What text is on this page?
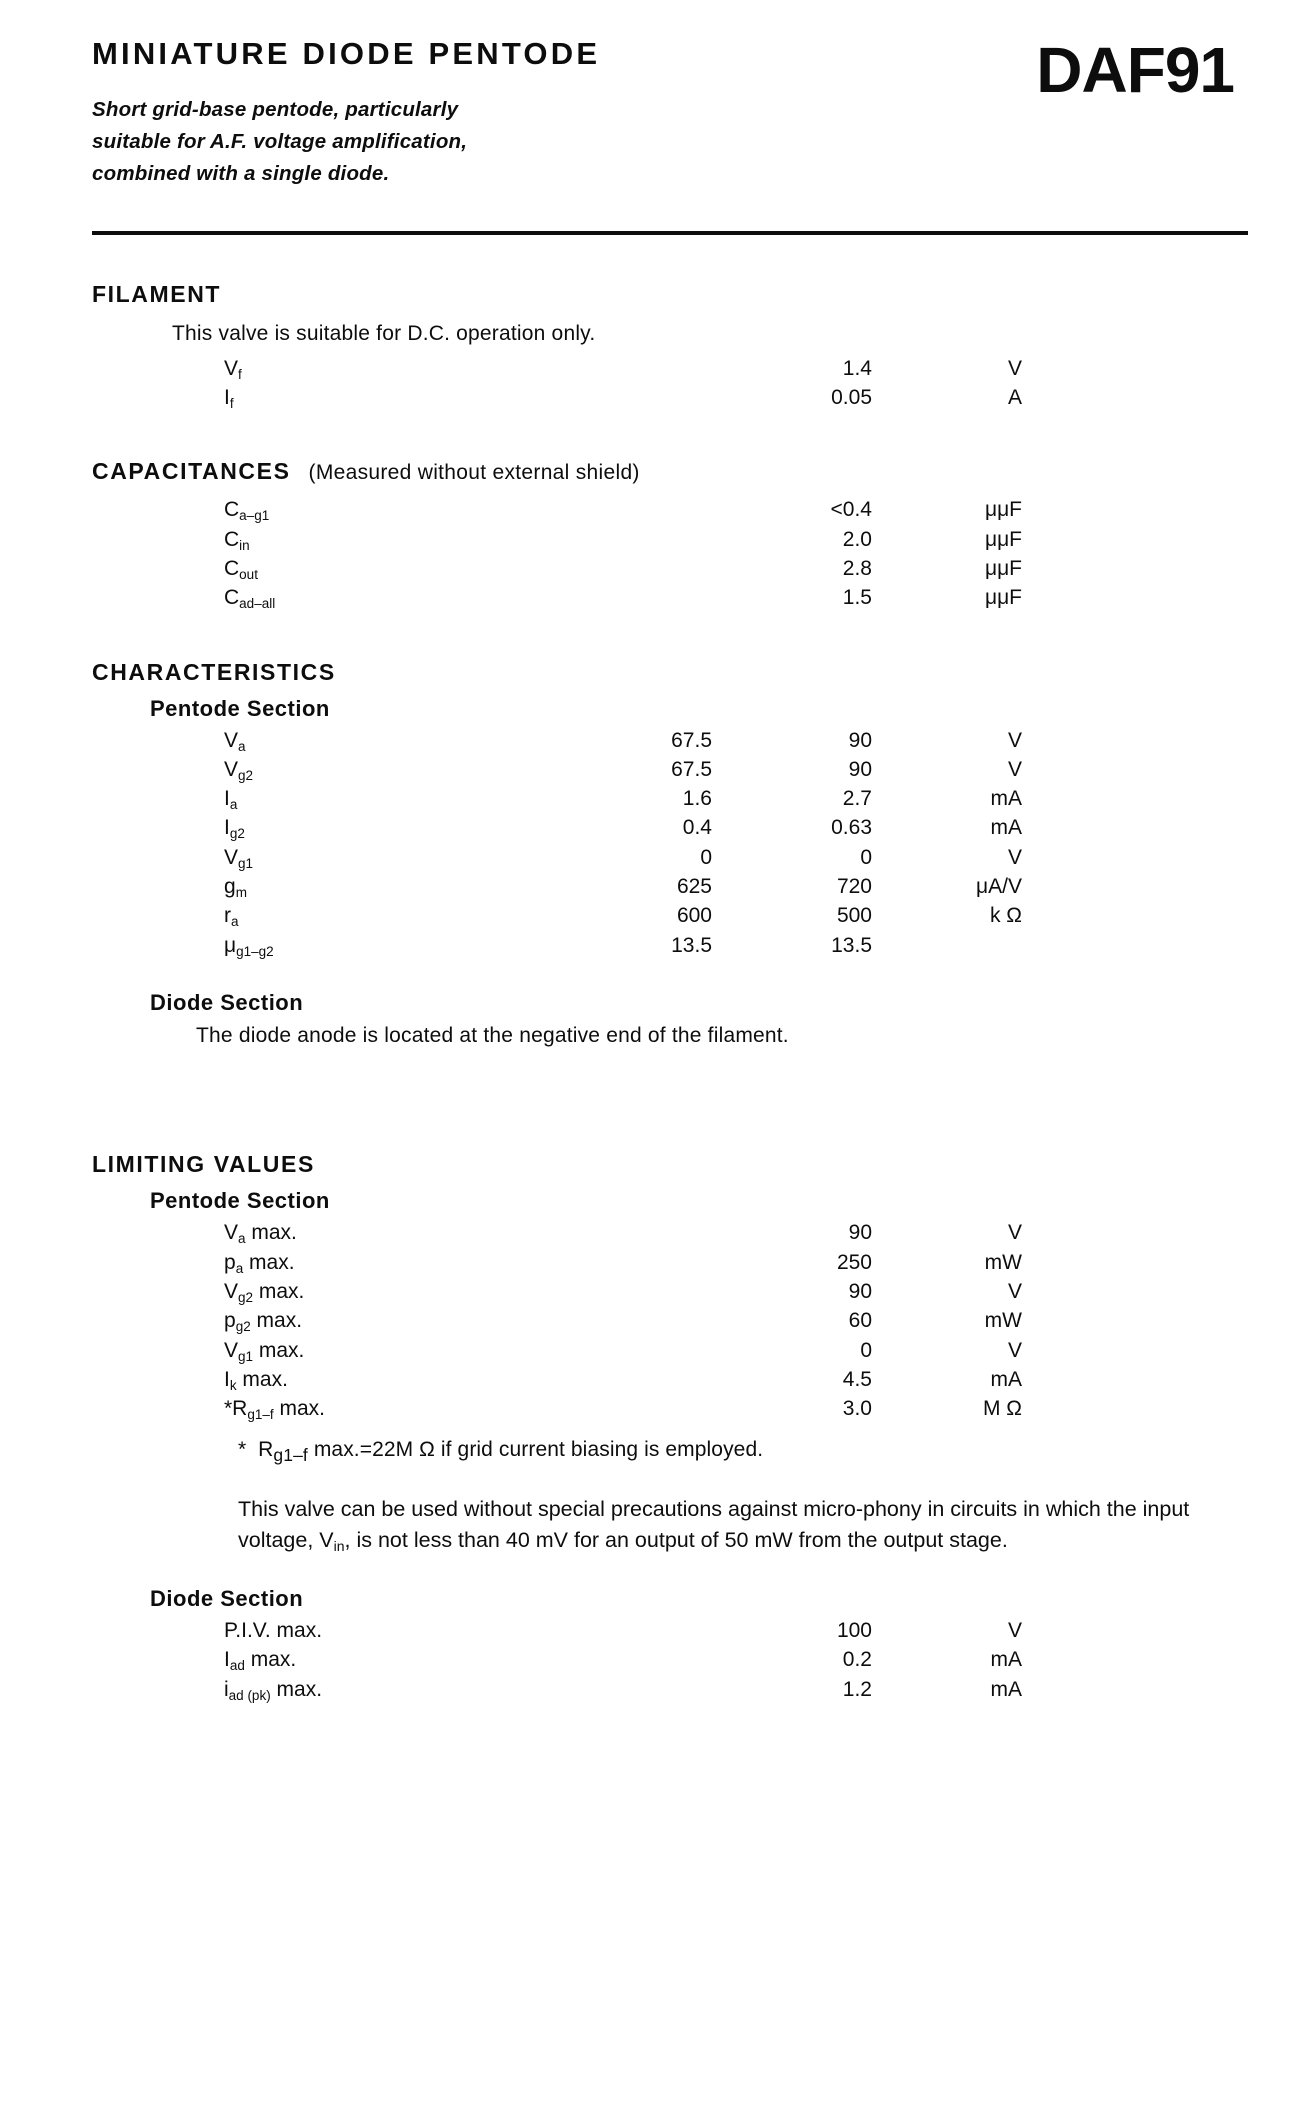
MINIATURE DIODE PENTODE
Short grid-base pentode, particularly
suitable for A.F. voltage amplification,
combined with a single diode.
DAF91
FILAMENT

This valve is suitable for D.C. operation only.

$V_f$	1.4	V
$I_f$	0.05	A
CAPACITANCES (Measured without external shield)
$C_{a-g1}$	<0.4	μμF
$C_{in}$	2.0	μμF
$C_{out}$	2.8	μμF
$C_{ad-all}$	1.5	μμF
CHARACTERISTICS
Pentode Section
$V_a$	67.5	90	V
$V_{g2}$	67.5	90	V
$I_a$	1.6	2.7	mA
$I_{g2}$	0.4	0.63	mA
$V_{g1}$	0	0	V
$g_m$	625	720	μA/V
$r_a$	600	500	k Ω
$\mu_{g1-g2}$	13.5	13.5
Diode Section

The diode anode is located at the negative end of the filament.

LIMITING VALUES
Pentode Section
$V_a$ max.	90	V
$p_a$ max.	250	mW
$V_{g2}$ max.	90	V
$p_{g2}$ max.	60	mW
$V_{g1}$ max.	0	V
$I_k$ max.	4.5	mA
$*R_{g1-f}$ max.	3.0	M Ω
*  $R_{g1-f}$ max.=22M Ω if grid current biasing is employed.
This valve can be used without special precautions against micro-phony in circuits in which the input voltage, $V_{in}$, is not less than 40 mV for an output of 50 mW from the output stage.
Diode Section
P.I.V. max.	100	V
$I_{ad}$ max.	0.2	mA
$i_{ad (pk)}$ max.	1.2	mA
